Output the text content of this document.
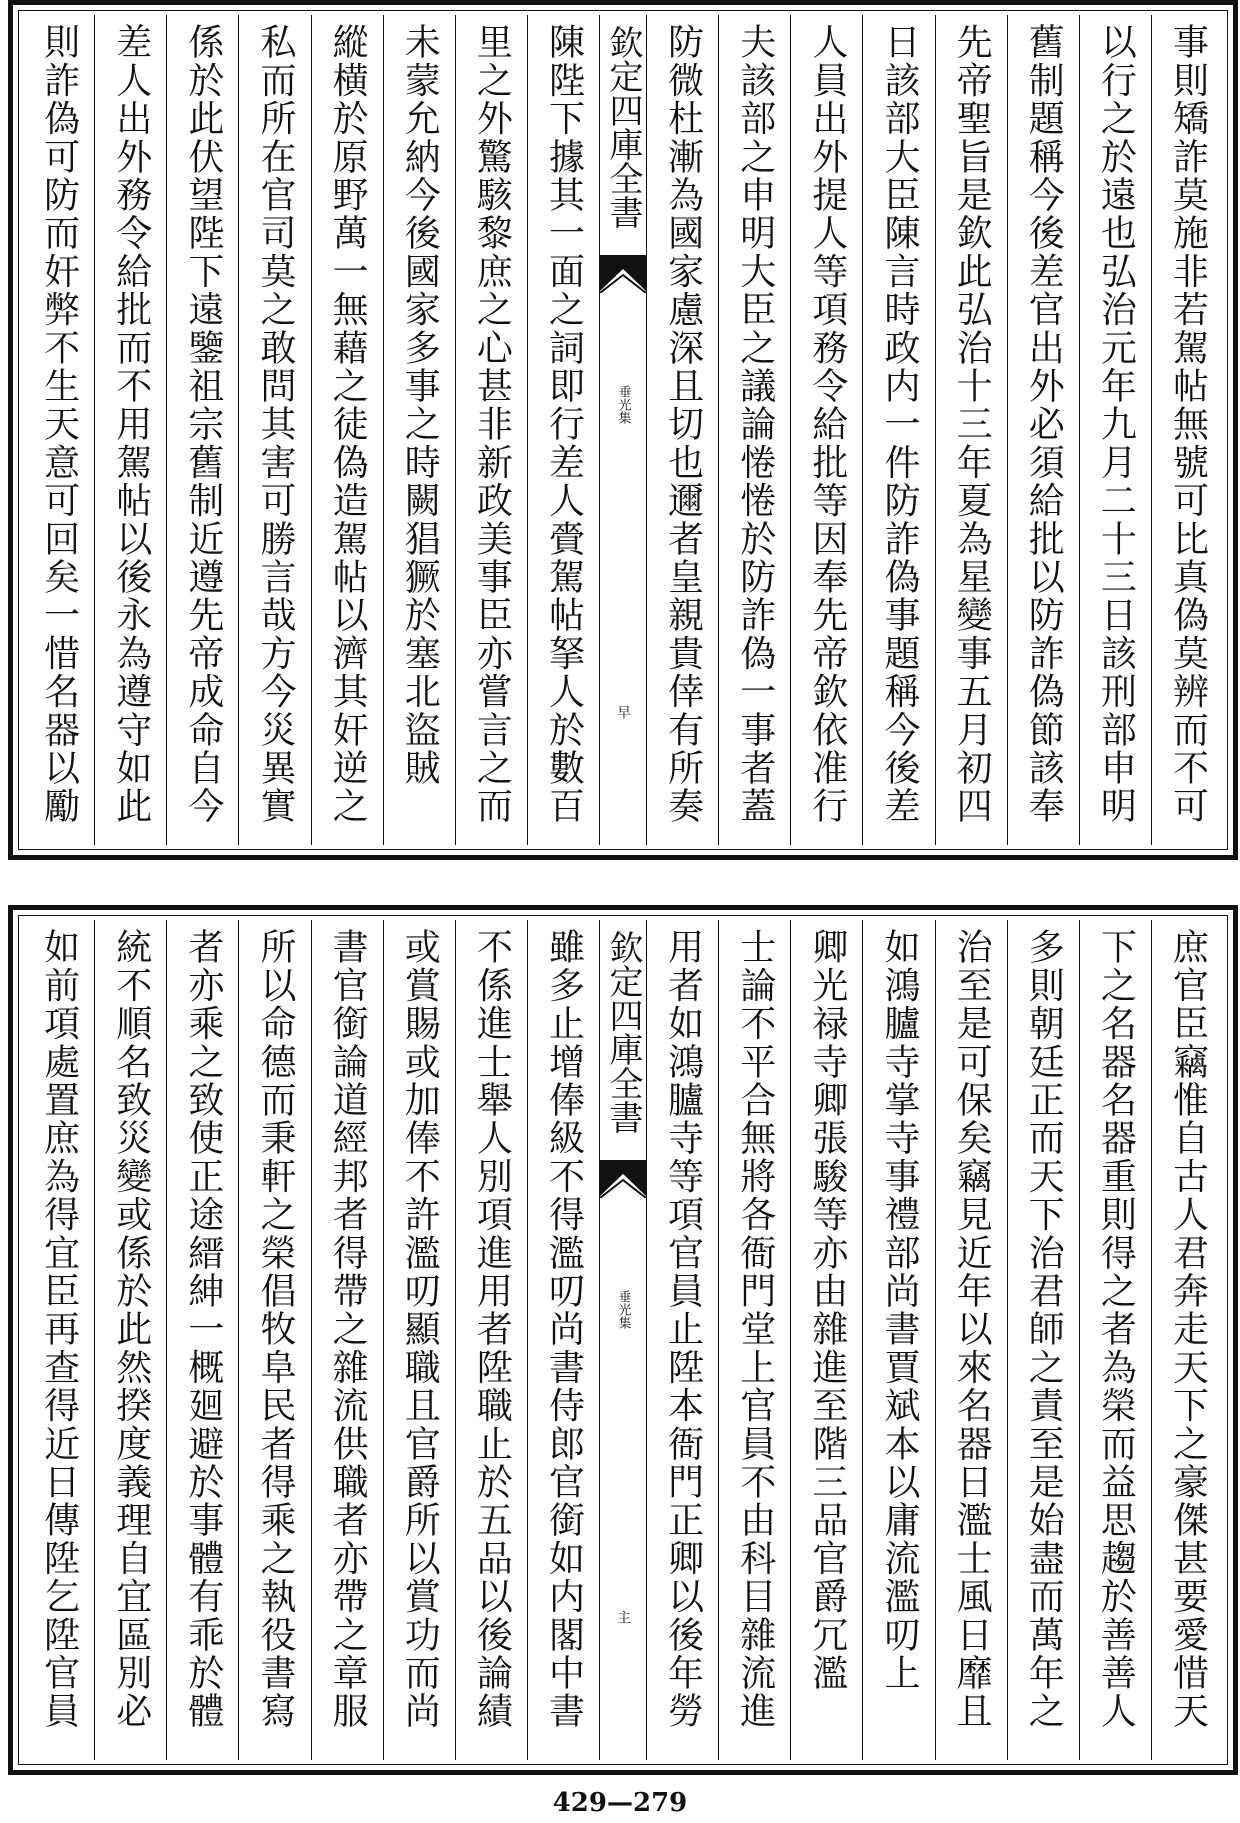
事則矯詐莫施非若駕帖無號可比真偽莫辨而不可
以行之於遠也弘治元年九月二十三日該刑部申明
舊制題稱今後差官出外必須給批以防詐偽節該奉
先帝聖旨是欽此弘治十三年夏為星變事五月初四
日該部大臣陳言時政内一件防詐偽事題稱今後差
人員出外提人等項務令給批等因奉先帝欽依准行
夫該部之申明大臣之議論惓惓於防詐偽一事者蓋
防微杜漸為國家慮深且切也邇者皇親貴倖有所奏
欽定四庫全書
垂光集
早
陳陛下據其一面之詞即行差人賫駕帖拏人於數百
里之外驚駭黎庶之心甚非新政美事臣亦嘗言之而
未蒙允納今後國家多事之時闕猖獗於塞北盜賊
縱横於原野萬一無藉之徒偽造駕帖以濟其奸逆之
私而所在官司莫之敢問其害可勝言哉方今災異實
係於此伏望陛下遠鑒祖宗舊制近遵先帝成命自今
差人出外務令給批而不用駕帖以後永為遵守如此
則詐偽可防而奸弊不生天意可回矣一惜名器以勵
庶官臣竊惟自古人君奔走天下之豪傑甚要愛惜天
下之名器名器重則得之者為榮而益思趨於善善人
多則朝廷正而天下治君師之責至是始盡而萬年之
治至是可保矣竊見近年以來名器日濫士風日靡且
如鴻臚寺掌寺事禮部尚書賈斌本以庸流濫叨上
卿光禄寺卿張駿等亦由雜進至階三品官爵冗濫
士論不平合無將各衙門堂上官員不由科目雜流進
用者如鴻臚寺等項官員止陞本衙門正卿以後年勞
欽定四庫全書
垂光集
主
雖多止增俸級不得濫叨尚書侍郎官銜如内閣中書
不係進士舉人別項進用者陞職止於五品以後論績
或賞賜或加俸不許濫叨顯職且官爵所以賞功而尚
書官銜論道經邦者得帶之雜流供職者亦帶之章服
所以命德而秉軒之榮倡牧阜民者得乘之執役書寫
者亦乘之致使正途縉紳一概廻避於事體有乖於體
統不順名致災變或係於此然揆度義理自宜區別必
如前項處置庶為得宜臣再查得近日傳陞乞陞官員
429—279
